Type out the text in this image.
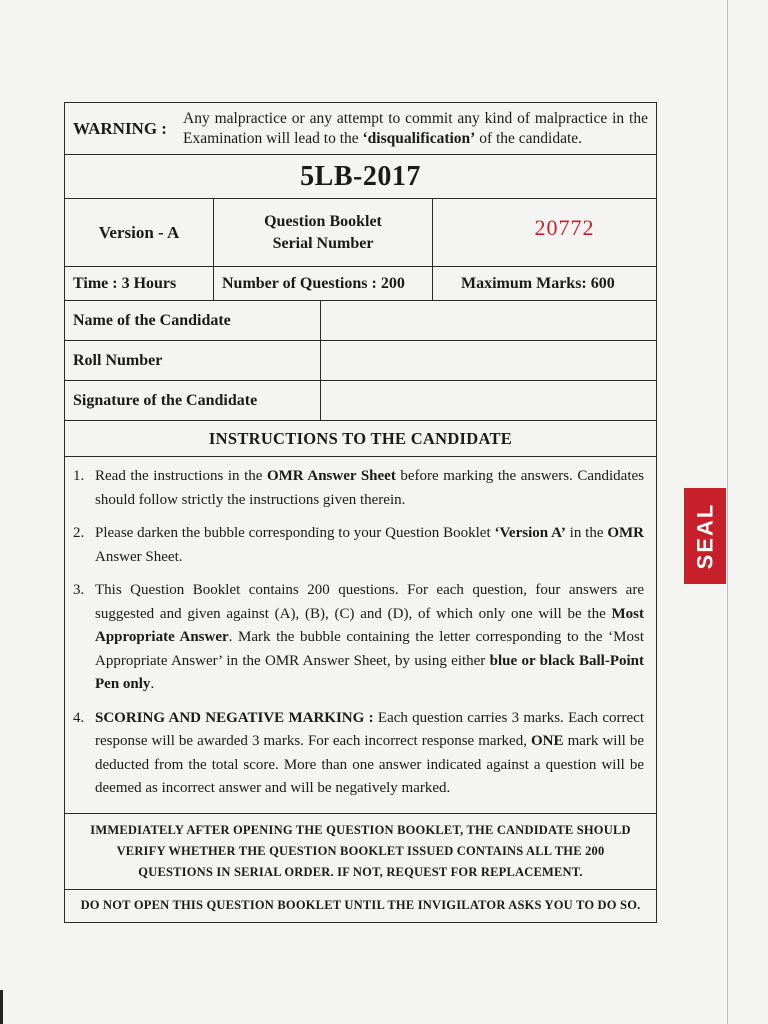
WARNING :
Any malpractice or any attempt to commit any kind of malpractice in the Examination will lead to the ‘disqualification’ of the candidate.
5LB-2017
Version - A
Question Booklet
Serial Number
20772
Time : 3 Hours	Number of Questions : 200	Maximum Marks: 600
Name of the Candidate
Roll Number
Signature of the Candidate
INSTRUCTIONS TO THE CANDIDATE
1. Read the instructions in the OMR Answer Sheet before marking the answers. Candidates should follow strictly the instructions given therein.
2. Please darken the bubble corresponding to your Question Booklet ‘Version A’ in the OMR Answer Sheet.
3. This Question Booklet contains 200 questions. For each question, four answers are suggested and given against (A), (B), (C) and (D), of which only one will be the Most Appropriate Answer. Mark the bubble containing the letter corresponding to the ‘Most Appropriate Answer’ in the OMR Answer Sheet, by using either blue or black Ball-Point Pen only.
4. SCORING AND NEGATIVE MARKING : Each question carries 3 marks. Each correct response will be awarded 3 marks. For each incorrect response marked, ONE mark will be deducted from the total score. More than one answer indicated against a question will be deemed as incorrect answer and will be negatively marked.
IMMEDIATELY AFTER OPENING THE QUESTION BOOKLET, THE CANDIDATE SHOULD VERIFY WHETHER THE QUESTION BOOKLET ISSUED CONTAINS ALL THE 200 QUESTIONS IN SERIAL ORDER. IF NOT, REQUEST FOR REPLACEMENT.
DO NOT OPEN THIS QUESTION BOOKLET UNTIL THE INVIGILATOR ASKS YOU TO DO SO.
SEAL
